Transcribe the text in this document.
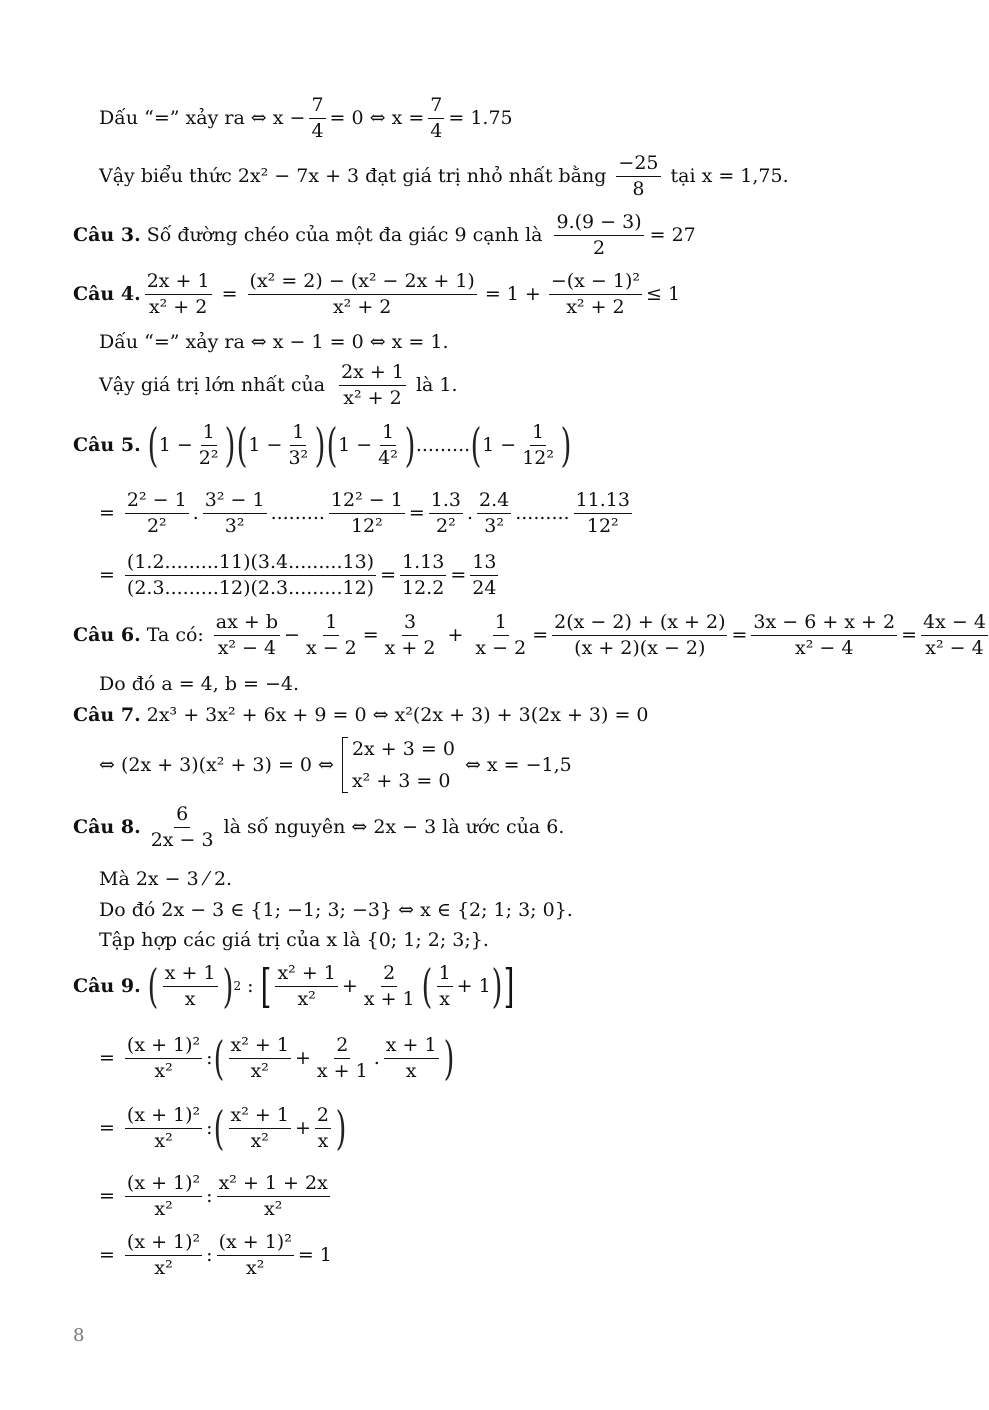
Dấu “=” xảy ra ⇔ $x - \frac{7}{4} = 0$ ⇔ $x = \frac{7}{4} = 1.75$
Vậy biểu thức 2x² − 7x + 3 đạt giá trị nhỏ nhất bằng $\frac{-25}{8}$ tại x = 1,75.
Câu 3.
Số đường chéo của một đa giác 9 cạnh là $\frac{9.(9 - 3)}{2} = 27$
Câu 4. $\frac{2x + 1}{\text{x² + 2}} = \frac{\text{(x² = 2) − (x² − 2x + 1)}}{\text{x² + 2}} = 1 + \frac{\text{−(x − 1)²}}{\text{x² + 2}} \le 1$
Dấu “=” xảy ra ⇔ x − 1 = 0 ⇔ x = 1.
Vậy giá trị lớn nhất của $\frac{2x + 1}{\text{x² + 2}}$ là 1.
Câu 5.
( $1 - \frac{1}{\text{2²}}$ ) ( $1 - \frac{1}{\text{3²}}$ ) ( $1 - \frac{1}{\text{4²}}$ ) ......... ( $1 - \frac{1}{\text{12²}}$ )
= $\frac{\text{2² − 1}}{\text{2²}}$ . $\frac{\text{3² − 1}}{\text{3²}}$ ......... $\frac{\text{12² − 1}}{\text{12²}} = \frac{1.3}{\text{2²}}$ . $\frac{2.4}{\text{3²}}$ ......... $\frac{11.13}{\text{12²}}$
= $\frac{(1.2.........11)(3.4.........13)}{(2.3.........12)(2.3.........12)} = \frac{1.13}{12.2} = \frac{13}{24}$
Câu 6.
Ta có: $\frac{ax + b}{\text{x² − 4}} - \frac{1}{x - 2} = \frac{3}{x + 2} + \frac{1}{x - 2} = \frac{2(x - 2) + (x + 2)}{(x + 2)(x - 2)} = \frac{3x - 6 + x + 2}{\text{x² − 4}} = \frac{4x - 4}{\text{x² − 4}}$
Do đó a = 4, b = −4.
Câu 7.
2x³ + 3x² + 6x + 9 = 0 ⇔ x²(2x + 3) + 3(2x + 3) = 0
⇔ (2x + 3)(x² + 3) = 0 ⇔
2x + 3 = 0
x² + 3 = 0
⇔ x = −1,5
Câu 8. $\frac{6}{2x - 3}$ là số nguyên ⇔ 2x − 3 là ước của 6.
Mà 2x − 3 ⁄ 2.
Do đó 2x − 3 ∈ {1; −1; 3; −3} ⇔ x ∈ {2; 1; 3; 0}.
Tập hợp các giá trị của x là {0; 1; 2; 3;}.
Câu 9.
( $\frac{x + 1}{x}$ ) 2 : [ $\frac{\text{x² + 1}}{\text{x²}} + \frac{2}{x + 1}$ ( $\frac{1}{x} + 1$ ) ]
= $\frac{\text{(x + 1)²}}{\text{x²}}$ : ( $\frac{\text{x² + 1}}{\text{x²}} + \frac{2}{x + 1}$ . $\frac{x + 1}{x}$ )
= $\frac{\text{(x + 1)²}}{\text{x²}}$ : ( $\frac{\text{x² + 1}}{\text{x²}} + \frac{2}{x}$ )
= $\frac{\text{(x + 1)²}}{\text{x²}}$ : $\frac{\text{x² + 1 + 2x}}{\text{x²}}$
= $\frac{\text{(x + 1)²}}{\text{x²}}$ : $\frac{\text{(x + 1)²}}{\text{x²}} = 1$
8
